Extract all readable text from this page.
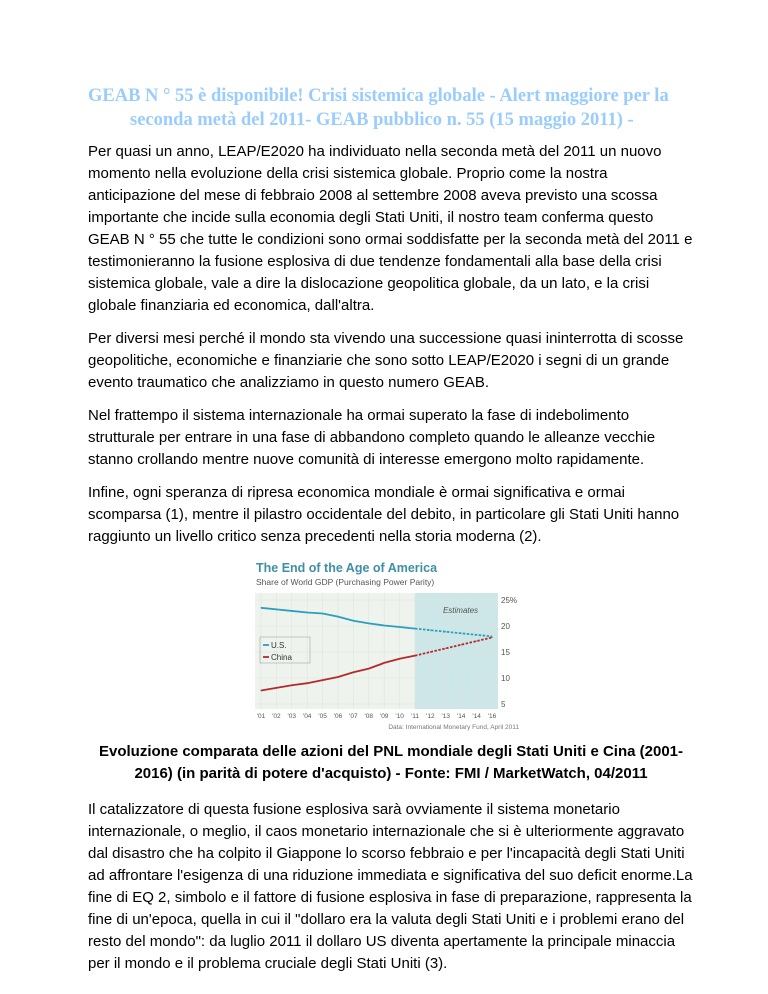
GEAB N ° 55 è disponibile! Crisi sistemica globale - Alert maggiore per la seconda metà del 2011- GEAB pubblico n. 55 (15 maggio 2011) -

Per quasi un anno, LEAP/E2020 ha individuato nella seconda metà del 2011 un nuovo momento nella evoluzione della crisi sistemica globale. Proprio come la nostra anticipazione del mese di febbraio 2008 al settembre 2008 aveva previsto una scossa importante che incide sulla economia degli Stati Uniti, il nostro team conferma questo GEAB N ° 55 che tutte le condizioni sono ormai soddisfatte per la seconda metà del 2011 e testimonieranno la fusione esplosiva di due tendenze fondamentali alla base della crisi sistemica globale, vale a dire la dislocazione geopolitica globale, da un lato, e la crisi globale finanziaria ed economica, dall'altra.

Per diversi mesi perché il mondo sta vivendo una successione quasi ininterrotta di scosse geopolitiche, economiche e finanziarie che sono sotto LEAP/E2020 i segni di un grande evento traumatico che analizziamo in questo numero GEAB.

Nel frattempo il sistema internazionale ha ormai superato la fase di indebolimento strutturale per entrare in una fase di abbandono completo quando le alleanze vecchie stanno crollando mentre nuove comunità di interesse emergono molto rapidamente.

Infine, ogni speranza di ripresa economica mondiale è ormai significativa e ormai scomparsa (1), mentre il pilastro occidentale del debito, in particolare gli Stati Uniti hanno raggiunto un livello critico senza precedenti nella storia moderna (2).

The End of the Age of America
Share of World GDP (Purchasing Power Parity)
Estimates
25%
20
15
10
5
'01 '02 '03 '04 '05 '06 '07 '08 '09 '10 '11 '12 '13 '14 '14 '16
U.S.
China
Data: International Monetary Fund, April 2011

Evoluzione comparata delle azioni del PNL mondiale degli Stati Uniti e Cina (2001-2016) (in parità di potere d'acquisto) - Fonte: FMI / MarketWatch, 04/2011

Il catalizzatore di questa fusione esplosiva sarà ovviamente il sistema monetario internazionale, o meglio, il caos monetario internazionale che si è ulteriormente aggravato dal disastro che ha colpito il Giappone lo scorso febbraio e per l'incapacità degli Stati Uniti ad affrontare l'esigenza di una riduzione immediata e significativa del suo deficit enorme.La fine di EQ 2, simbolo e il fattore di fusione esplosiva in fase di preparazione, rappresenta la fine di un'epoca, quella in cui il "dollaro era la valuta degli Stati Uniti e i problemi erano del resto del mondo": da luglio 2011 il dollaro US diventa apertamente la principale minaccia per il mondo e il problema cruciale degli Stati Uniti (3).
